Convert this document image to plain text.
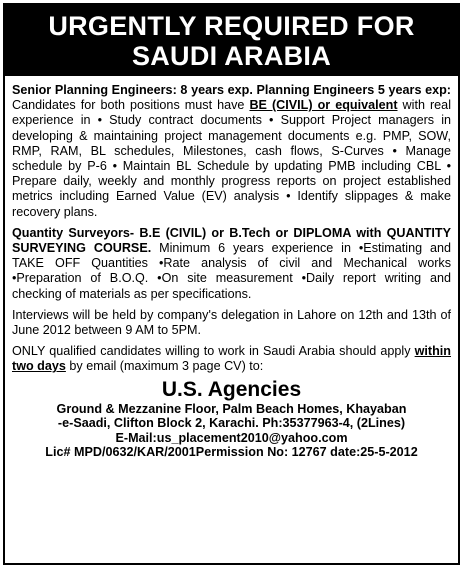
URGENTLY REQUIRED FOR
SAUDI ARABIA

Senior Planning Engineers: 8 years exp. Planning Engineers 5 years exp: Candidates for both positions must have BE (CIVIL) or equivalent with real experience in • Study contract documents • Support Project managers in developing & maintaining project management documents e.g. PMP, SOW, RMP, RAM, BL schedules, Milestones, cash flows, S-Curves • Manage schedule by P-6 • Maintain BL Schedule by updating PMB including CBL • Prepare daily, weekly and monthly progress reports on project established metrics including Earned Value (EV) analysis • Identify slippages & make recovery plans.

Quantity Surveyors- B.E (CIVIL) or B.Tech or DIPLOMA with QUANTITY SURVEYING COURSE. Minimum 6 years experience in •Estimating and TAKE OFF Quantities •Rate analysis of civil and Mechanical works •Preparation of B.O.Q. •On site measurement •Daily report writing and checking of materials as per specifications.

Interviews will be held by company's delegation in Lahore on 12th and 13th of June 2012 between 9 AM to 5PM.

ONLY qualified candidates willing to work in Saudi Arabia should apply within two days by email (maximum 3 page CV) to:

U.S. Agencies
Ground & Mezzanine Floor, Palm Beach Homes, Khayaban
-e-Saadi, Clifton Block 2, Karachi. Ph:35377963-4, (2Lines)
E-Mail:us_placement2010@yahoo.com
Lic# MPD/0632/KAR/2001Permission No: 12767 date:25-5-2012
